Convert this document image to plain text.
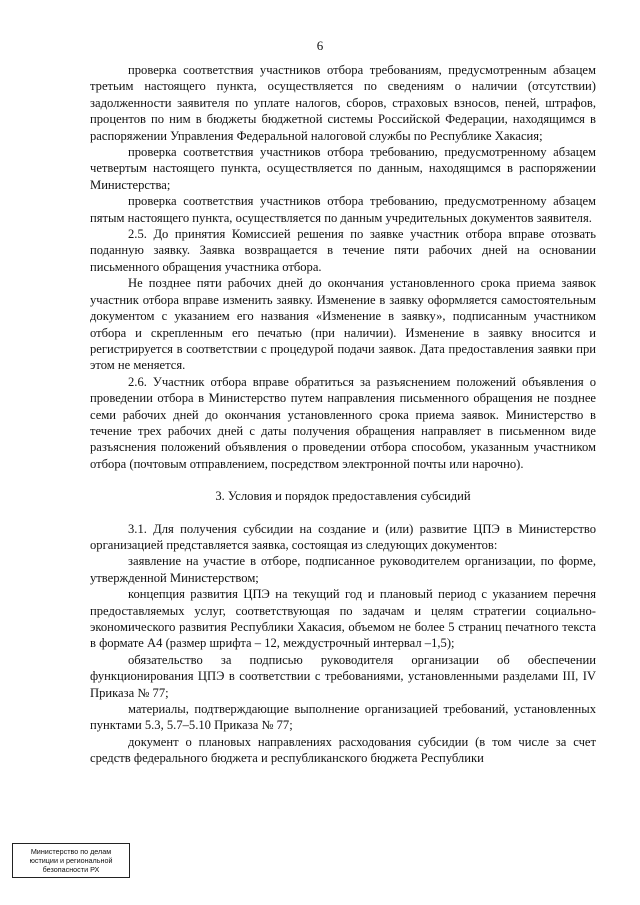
6

проверка соответствия участников отбора требованиям, предусмотренным абзацем третьим настоящего пункта, осуществляется по сведениям о наличии (отсутствии) задолженности заявителя по уплате налогов, сборов, страховых взносов, пеней, штрафов, процентов по ним в бюджеты бюджетной системы Российской Федерации, находящимся в распоряжении Управления Федеральной налоговой службы по Республике Хакасия;

проверка соответствия участников отбора требованию, предусмотренному абзацем четвертым настоящего пункта, осуществляется по данным, находящимся в распоряжении Министерства;

проверка соответствия участников отбора требованию, предусмотренному абзацем пятым настоящего пункта, осуществляется по данным учредительных документов заявителя.

2.5. До принятия Комиссией решения по заявке участник отбора вправе отозвать поданную заявку. Заявка возвращается в течение пяти рабочих дней на основании письменного обращения участника отбора.

Не позднее пяти рабочих дней до окончания установленного срока приема заявок участник отбора вправе изменить заявку. Изменение в заявку оформляется самостоятельным документом с указанием его названия «Изменение в заявку», подписанным участником отбора и скрепленным его печатью (при наличии). Изменение в заявку вносится и регистрируется в соответствии с процедурой подачи заявок. Дата предоставления заявки при этом не меняется.

2.6. Участник отбора вправе обратиться за разъяснением положений объявления о проведении отбора в Министерство путем направления письменного обращения не позднее семи рабочих дней до окончания установленного срока приема заявок. Министерство в течение трех рабочих дней с даты получения обращения направляет в письменном виде разъяснения положений объявления о проведении отбора способом, указанным участником отбора (почтовым отправлением, посредством электронной почты или нарочно).

3. Условия и порядок предоставления субсидий

3.1. Для получения субсидии на создание и (или) развитие ЦПЭ в Министерство организацией представляется заявка, состоящая из следующих документов:

заявление на участие в отборе, подписанное руководителем организации, по форме, утвержденной Министерством;

концепция развития ЦПЭ на текущий год и плановый период с указанием перечня предоставляемых услуг, соответствующая по задачам и целям стратегии социально-экономического развития Республики Хакасия, объемом не более 5 страниц печатного текста в формате А4 (размер шрифта – 12, междустрочный интервал –1,5);

обязательство за подписью руководителя организации об обеспечении функционирования ЦПЭ в соответствии с требованиями, установленными разделами III, IV Приказа № 77;

материалы, подтверждающие выполнение организацией требований, установленных пунктами 5.3, 5.7–5.10 Приказа № 77;

документ о плановых направлениях расходования субсидии (в том числе за счет средств федерального бюджета и республиканского бюджета Республики

Министерство по делам
юстиции и региональной
безопасности РХ
